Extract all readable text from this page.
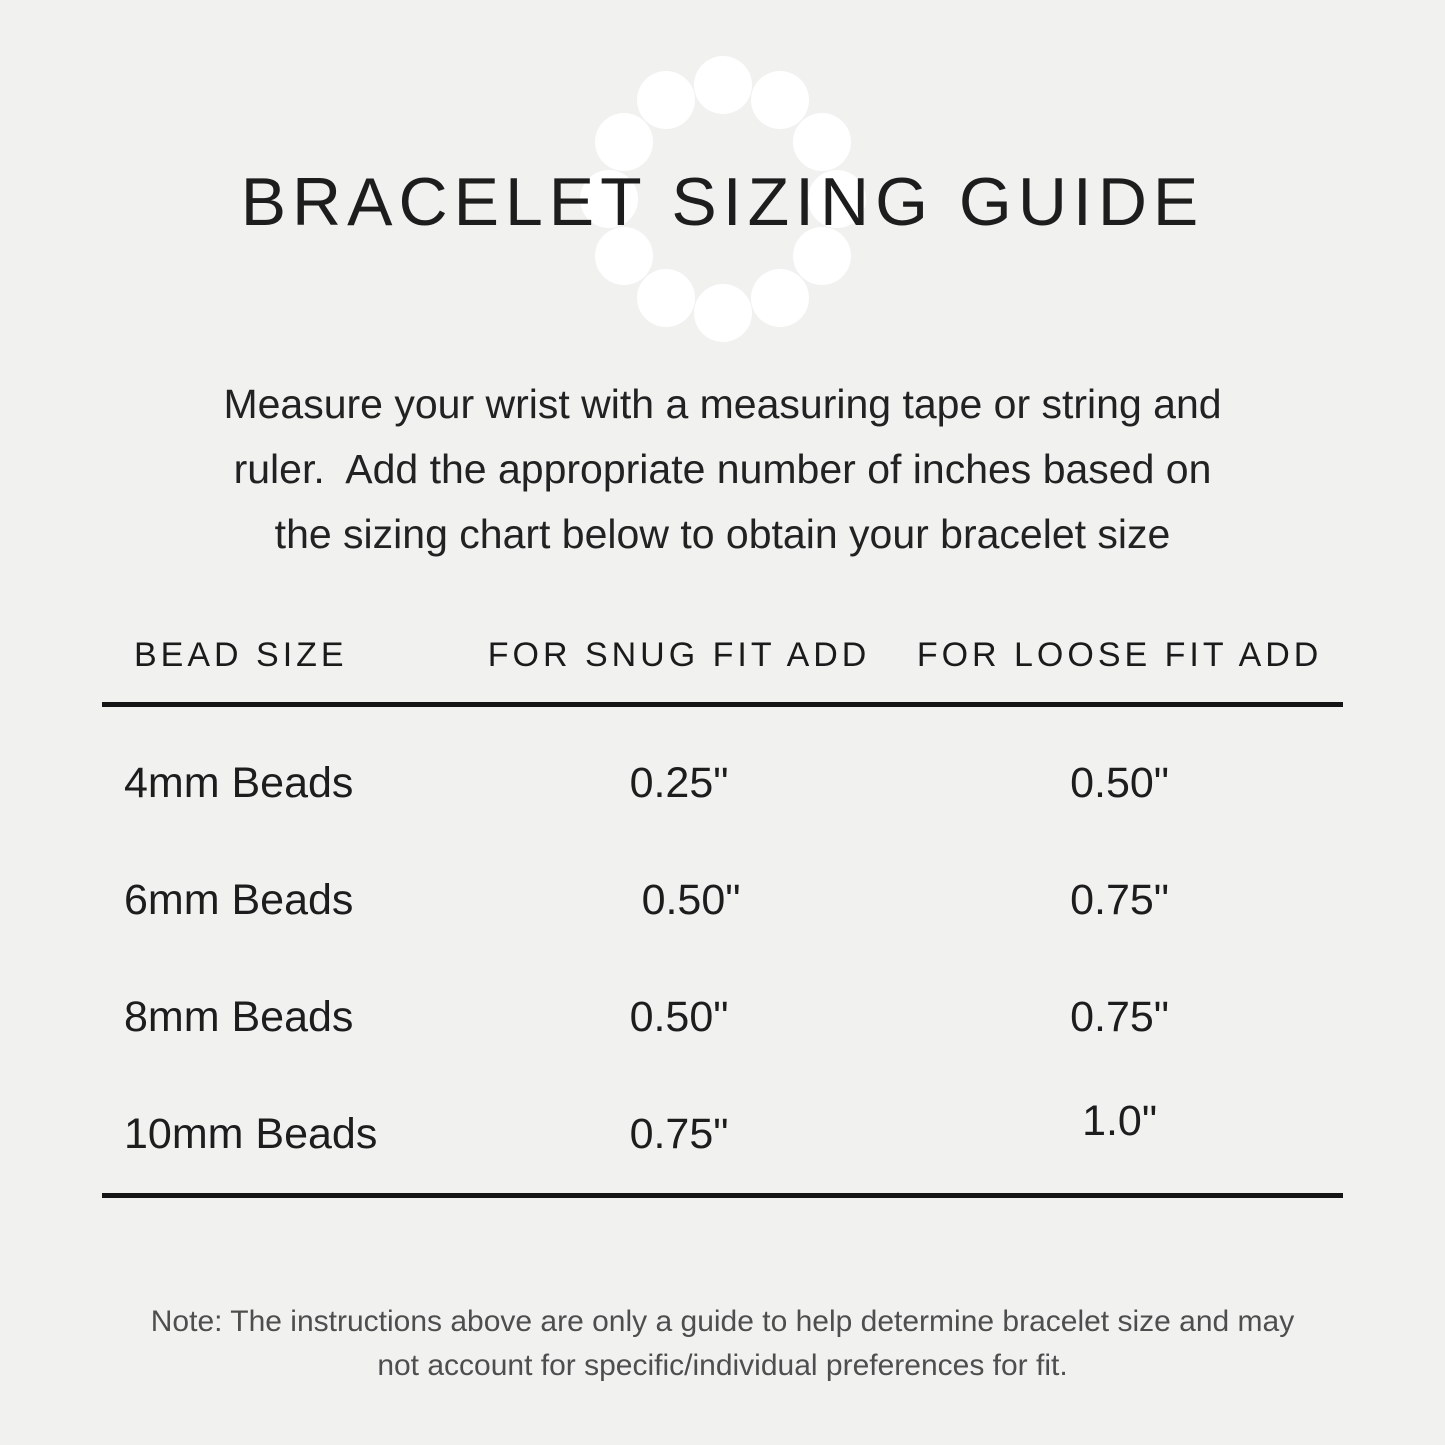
BRACELET SIZING GUIDE
Measure your wrist with a measuring tape or string and
ruler.  Add the appropriate number of inches based on
the sizing chart below to obtain your bracelet size
BEAD SIZE	FOR SNUG FIT ADD	FOR LOOSE FIT ADD
4mm Beads	0.25"	0.50"
6mm Beads	0.50"	0.75"
8mm Beads	0.50"	0.75"
10mm Beads	0.75"	1.0"
Note: The instructions above are only a guide to help determine bracelet size and may
not account for specific/individual preferences for fit.
